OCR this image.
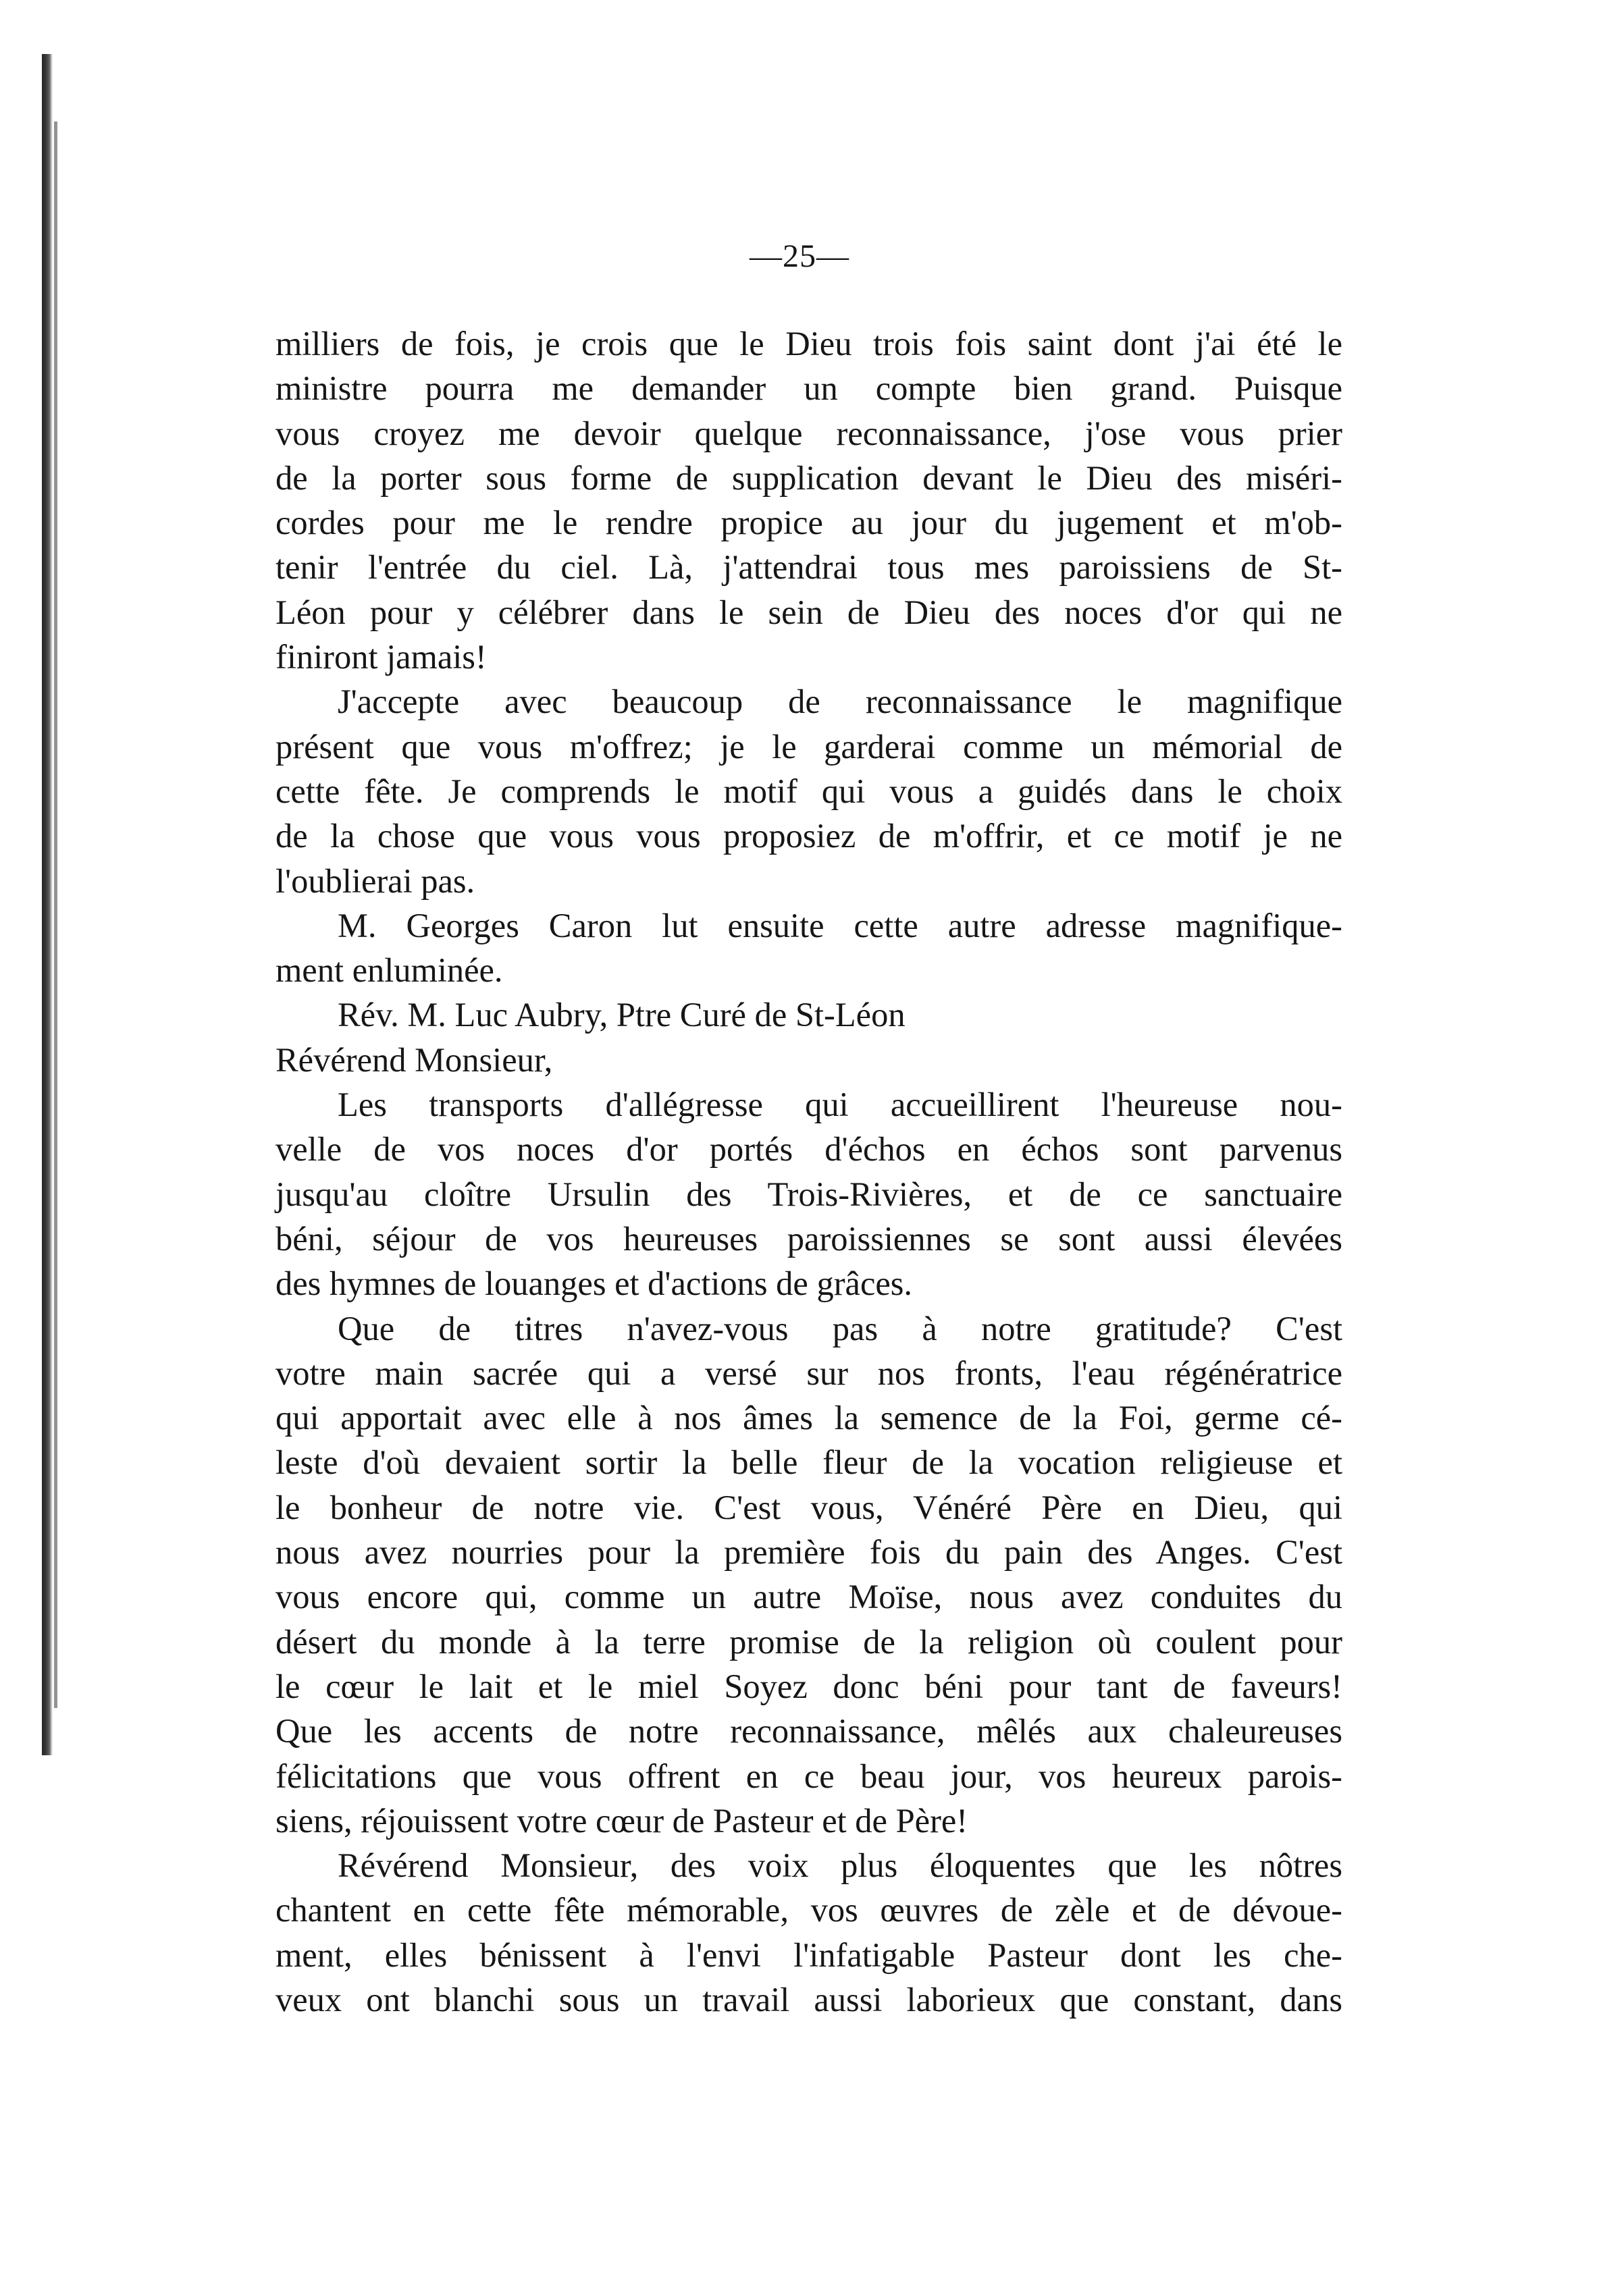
—25—

milliers de fois, je crois que le Dieu trois fois saint dont j'ai été le
ministre pourra me demander un compte bien grand. Puisque
vous croyez me devoir quelque reconnaissance, j'ose vous prier
de la porter sous forme de supplication devant le Dieu des miséri-
cordes pour me le rendre propice au jour du jugement et m'ob-
tenir l'entrée du ciel. Là, j'attendrai tous mes paroissiens de St-
Léon pour y célébrer dans le sein de Dieu des noces d'or qui ne
finiront jamais!
J'accepte avec beaucoup de reconnaissance le magnifique
présent que vous m'offrez; je le garderai comme un mémorial de
cette fête. Je comprends le motif qui vous a guidés dans le choix
de la chose que vous vous proposiez de m'offrir, et ce motif je ne
l'oublierai pas.
M. Georges Caron lut ensuite cette autre adresse magnifique-
ment enluminée.
Rév. M. Luc Aubry, Ptre Curé de St-Léon
Révérend Monsieur,
Les transports d'allégresse qui accueillirent l'heureuse nou-
velle de vos noces d'or portés d'échos en échos sont parvenus
jusqu'au cloître Ursulin des Trois-Rivières, et de ce sanctuaire
béni, séjour de vos heureuses paroissiennes se sont aussi élevées
des hymnes de louanges et d'actions de grâces.
Que de titres n'avez-vous pas à notre gratitude? C'est
votre main sacrée qui a versé sur nos fronts, l'eau régénératrice
qui apportait avec elle à nos âmes la semence de la Foi, germe cé-
leste d'où devaient sortir la belle fleur de la vocation religieuse et
le bonheur de notre vie. C'est vous, Vénéré Père en Dieu, qui
nous avez nourries pour la première fois du pain des Anges. C'est
vous encore qui, comme un autre Moïse, nous avez conduites du
désert du monde à la terre promise de la religion où coulent pour
le cœur le lait et le miel Soyez donc béni pour tant de faveurs!
Que les accents de notre reconnaissance, mêlés aux chaleureuses
félicitations que vous offrent en ce beau jour, vos heureux parois-
siens, réjouissent votre cœur de Pasteur et de Père!
Révérend Monsieur, des voix plus éloquentes que les nôtres
chantent en cette fête mémorable, vos œuvres de zèle et de dévoue-
ment, elles bénissent à l'envi l'infatigable Pasteur dont les che-
veux ont blanchi sous un travail aussi laborieux que constant, dans
